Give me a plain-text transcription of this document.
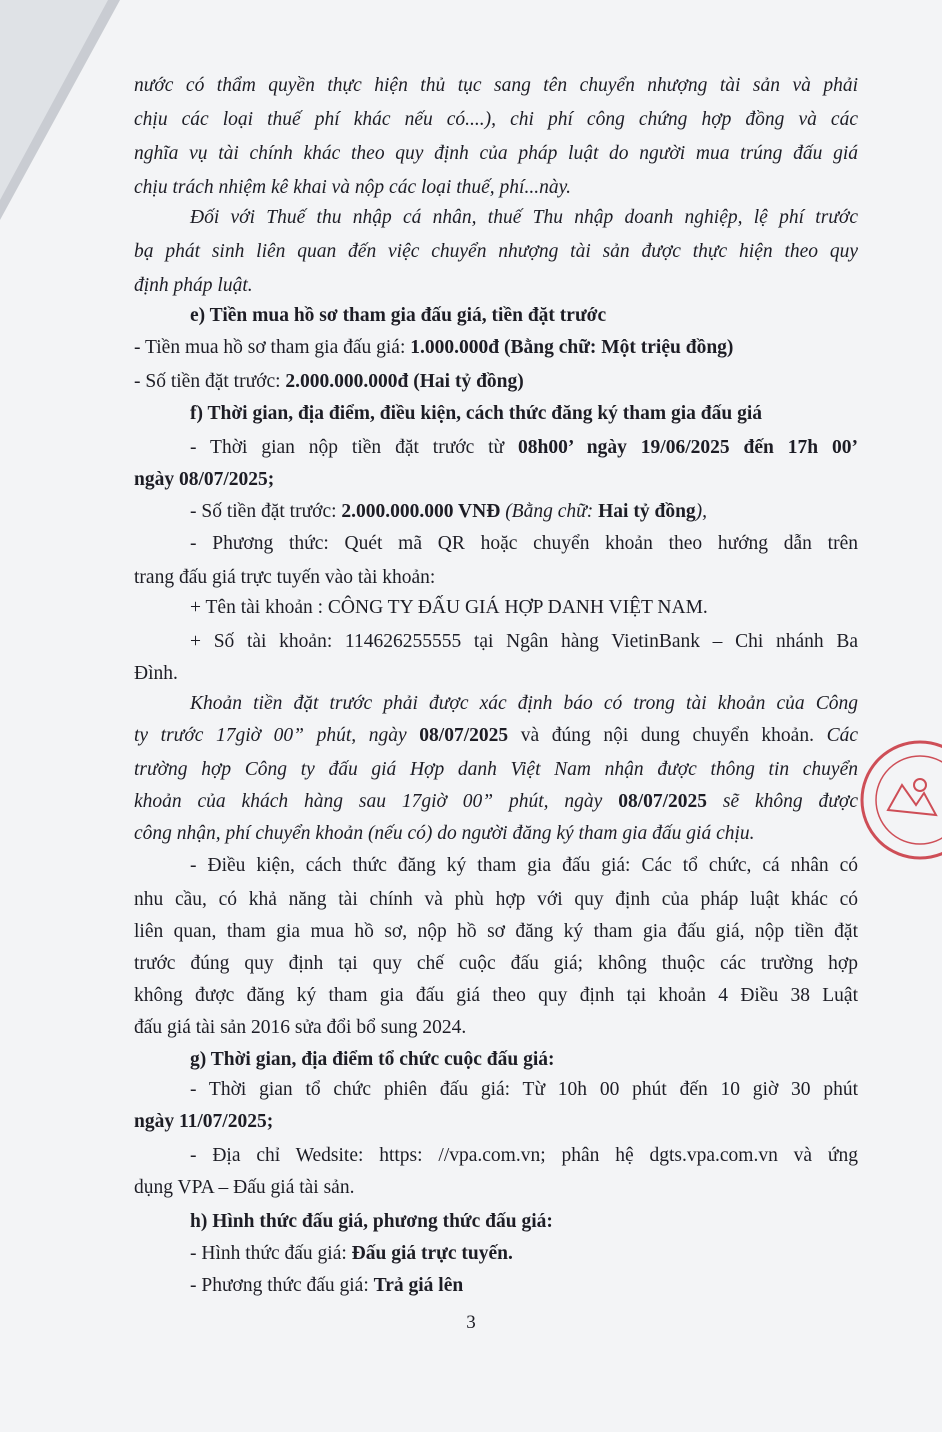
nước có thẩm quyền thực hiện thủ tục sang tên chuyển nhượng tài sản và phải
chịu các loại thuế phí khác nếu có....), chi phí công chứng hợp đồng và các
nghĩa vụ tài chính khác theo quy định của pháp luật do người mua trúng đấu giá
chịu trách nhiệm kê khai và nộp các loại thuế, phí...này.
Đối với Thuế thu nhập cá nhân, thuế Thu nhập doanh nghiệp, lệ phí trước
bạ phát sinh liên quan đến việc chuyển nhượng tài sản được thực hiện theo quy
định pháp luật.
e) Tiền mua hồ sơ tham gia đấu giá, tiền đặt trước
- Tiền mua hồ sơ tham gia đấu giá: 1.000.000đ (Bằng chữ: Một triệu đồng)
- Số tiền đặt trước: 2.000.000.000đ (Hai tỷ đồng)
f) Thời gian, địa điểm, điều kiện, cách thức đăng ký tham gia đấu giá
- Thời gian nộp tiền đặt trước từ 08h00’ ngày 19/06/2025 đến 17h 00’
ngày 08/07/2025;
- Số tiền đặt trước: 2.000.000.000 VNĐ (Bằng chữ: Hai tỷ đồng),
- Phương thức: Quét mã QR hoặc chuyển khoản theo hướng dẫn trên
trang đấu giá trực tuyến vào tài khoản:
+ Tên tài khoản : CÔNG TY ĐẤU GIÁ HỢP DANH VIỆT NAM.
+ Số tài khoản: 114626255555 tại Ngân hàng VietinBank – Chi nhánh Ba
Đình.
Khoản tiền đặt trước phải được xác định báo có trong tài khoản của Công
ty trước 17giờ 00” phút, ngày 08/07/2025 và đúng nội dung chuyển khoản. Các
trường hợp Công ty đấu giá Hợp danh Việt Nam nhận được thông tin chuyển
khoản của khách hàng sau 17giờ 00” phút, ngày 08/07/2025 sẽ không được
công nhận, phí chuyển khoản (nếu có) do người đăng ký tham gia đấu giá chịu.
- Điều kiện, cách thức đăng ký tham gia đấu giá: Các tổ chức, cá nhân có
nhu cầu, có khả năng tài chính và phù hợp với quy định của pháp luật khác có
liên quan, tham gia mua hồ sơ, nộp hồ sơ đăng ký tham gia đấu giá, nộp tiền đặt
trước đúng quy định tại quy chế cuộc đấu giá; không thuộc các trường hợp
không được đăng ký tham gia đấu giá theo quy định tại khoản 4 Điều 38 Luật
đấu giá tài sản 2016 sửa đổi bổ sung 2024.
g) Thời gian, địa điểm tổ chức cuộc đấu giá:
- Thời gian tổ chức phiên đấu giá: Từ 10h 00 phút đến 10 giờ 30 phút
ngày 11/07/2025;
- Địa chỉ Wedsite: https: //vpa.com.vn; phân hệ dgts.vpa.com.vn và ứng
dụng VPA – Đấu giá tài sản.
h) Hình thức đấu giá, phương thức đấu giá:
- Hình thức đấu giá: Đấu giá trực tuyến.
- Phương thức đấu giá: Trả giá lên
3
